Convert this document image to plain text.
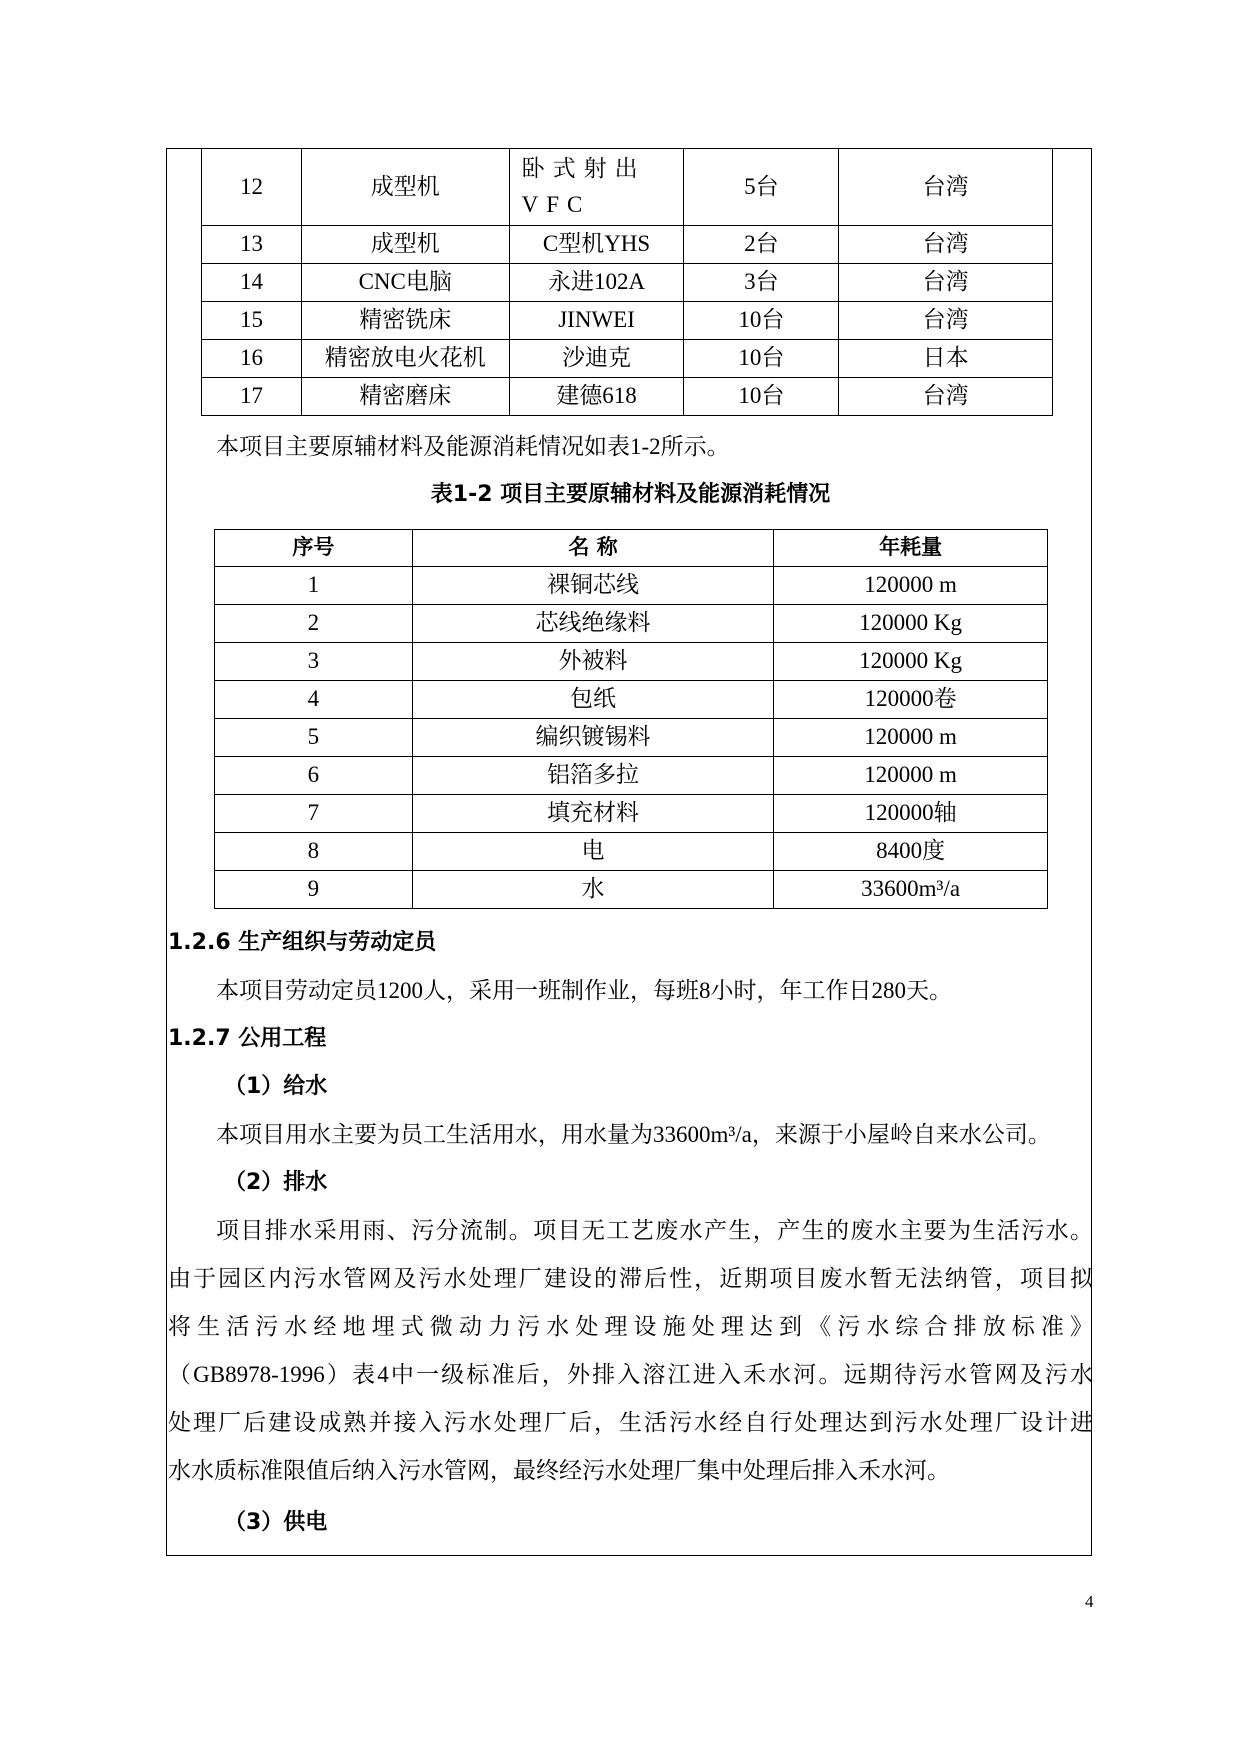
12	成型机	卧式射出VFC	5台	台湾
13	成型机	C型机YHS	2台	台湾
14	CNC电脑	永进102A	3台	台湾
15	精密铣床	JINWEI	10台	台湾
16	精密放电火花机	沙迪克	10台	日本
17	精密磨床	建德618	10台	台湾
本项目主要原辅材料及能源消耗情况如表1-2所示。
表1-2 项目主要原辅材料及能源消耗情况
序号	名 称	年耗量
1	裸铜芯线	120000 m
2	芯线绝缘料	120000 Kg
3	外被料	120000 Kg
4	包纸	120000卷
5	编织镀锡料	120000 m
6	铝箔多拉	120000 m
7	填充材料	120000轴
8	电	8400度
9	水	33600m³/a
1.2.6 生产组织与劳动定员
本项目劳动定员1200人，采用一班制作业，每班8小时，年工作日280天。
1.2.7 公用工程
（1）给水
本项目用水主要为员工生活用水，用水量为33600m³/a，来源于小屋岭自来水公司。
（2）排水
项目排水采用雨、污分流制。项目无工艺废水产生，产生的废水主要为生活污水。
由于园区内污水管网及污水处理厂建设的滞后性，近期项目废水暂无法纳管，项目拟
将生活污水经地埋式微动力污水处理设施处理达到《污水综合排放标准》
（GB8978-1996）表4中一级标准后，外排入溶江进入禾水河。远期待污水管网及污水
处理厂后建设成熟并接入污水处理厂后，生活污水经自行处理达到污水处理厂设计进
水水质标准限值后纳入污水管网，最终经污水处理厂集中处理后排入禾水河。
（3）供电
4
